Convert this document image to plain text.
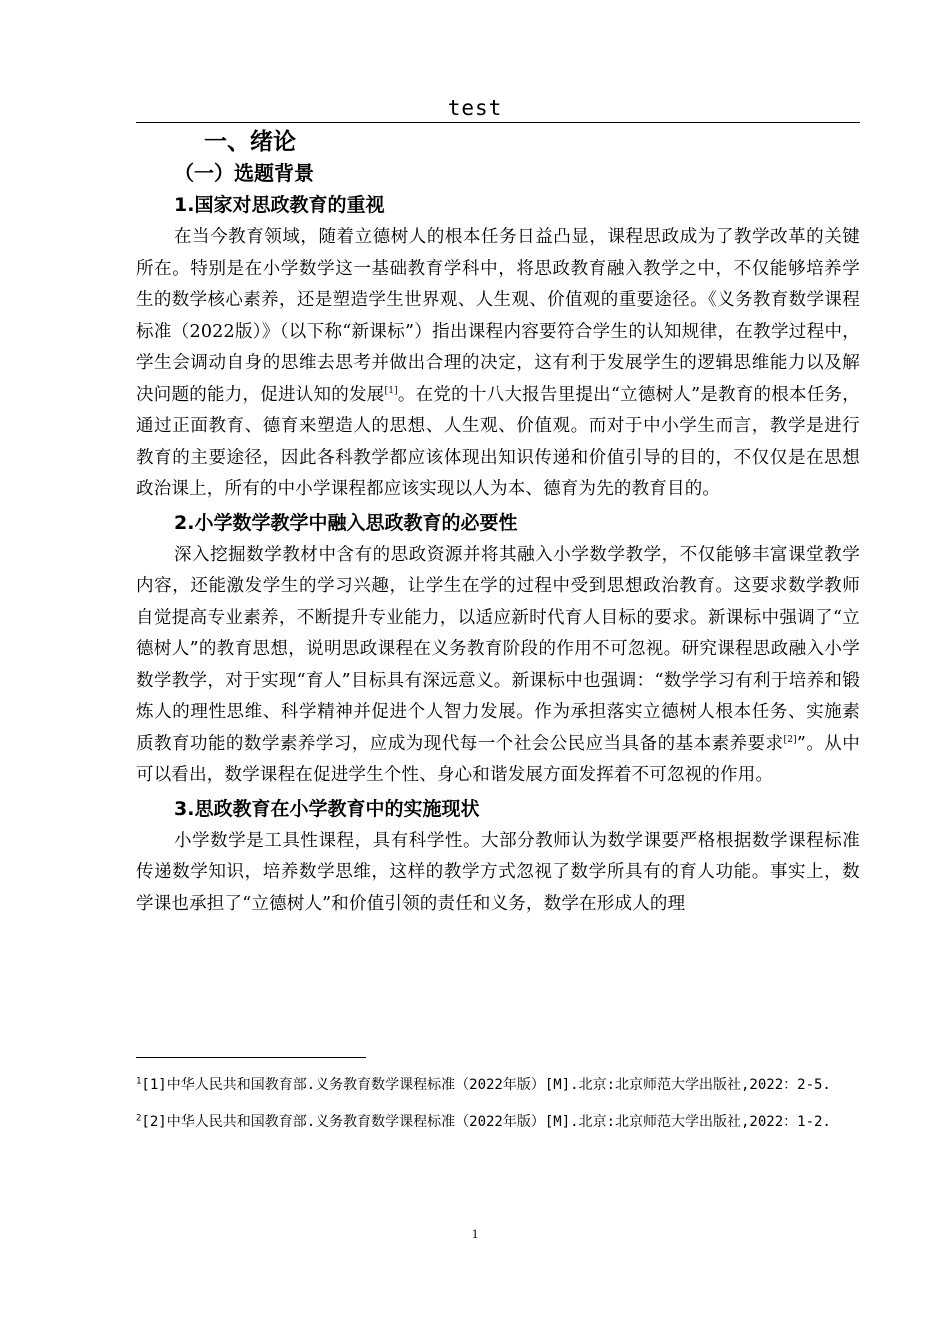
test
一、绪论
（一）选题背景
1.国家对思政教育的重视

在当今教育领域，随着立德树人的根本任务日益凸显，课程思政成为了教学改革的关键所在。特别是在小学数学这一基础教育学科中，将思政教育融入教学之中，不仅能够培养学生的数学核心素养，还是塑造学生世界观、人生观、价值观的重要途径。《义务教育数学课程标准（2022版）》（以下称“新课标”）指出课程内容要符合学生的认知规律，在教学过程中，学生会调动自身的思维去思考并做出合理的决定，这有利于发展学生的逻辑思维能力以及解决问题的能力，促进认知的发展[1]。在党的十八大报告里提出“立德树人”是教育的根本任务，通过正面教育、德育来塑造人的思想、人生观、价值观。而对于中小学生而言，教学是进行教育的主要途径，因此各科教学都应该体现出知识传递和价值引导的目的，不仅仅是在思想政治课上，所有的中小学课程都应该实现以人为本、德育为先的教育目的。

2.小学数学教学中融入思政教育的必要性

深入挖掘数学教材中含有的思政资源并将其融入小学数学教学，不仅能够丰富课堂教学内容，还能激发学生的学习兴趣，让学生在学的过程中受到思想政治教育。这要求数学教师自觉提高专业素养，不断提升专业能力，以适应新时代育人目标的要求。新课标中强调了“立德树人”的教育思想，说明思政课程在义务教育阶段的作用不可忽视。研究课程思政融入小学数学教学，对于实现“育人”目标具有深远意义。新课标中也强调：“数学学习有利于培养和锻炼人的理性思维、科学精神并促进个人智力发展。作为承担落实立德树人根本任务、实施素质教育功能的数学素养学习，应成为现代每一个社会公民应当具备的基本素养要求[2]”。从中可以看出，数学课程在促进学生个性、身心和谐发展方面发挥着不可忽视的作用。

3.思政教育在小学教育中的实施现状

小学数学是工具性课程，具有科学性。大部分教师认为数学课要严格根据数学课程标准传递数学知识，培养数学思维，这样的教学方式忽视了数学所具有的育人功能。事实上，数学课也承担了“立德树人”和价值引领的责任和义务，数学在形成人的理

$^1$[1]中华人民共和国教育部.义务教育数学课程标准（2022年版）[M].北京:北京师范大学出版社,2022：2-5.

$^2$[2]中华人民共和国教育部.义务教育数学课程标准（2022年版）[M].北京:北京师范大学出版社,2022：1-2.

1
